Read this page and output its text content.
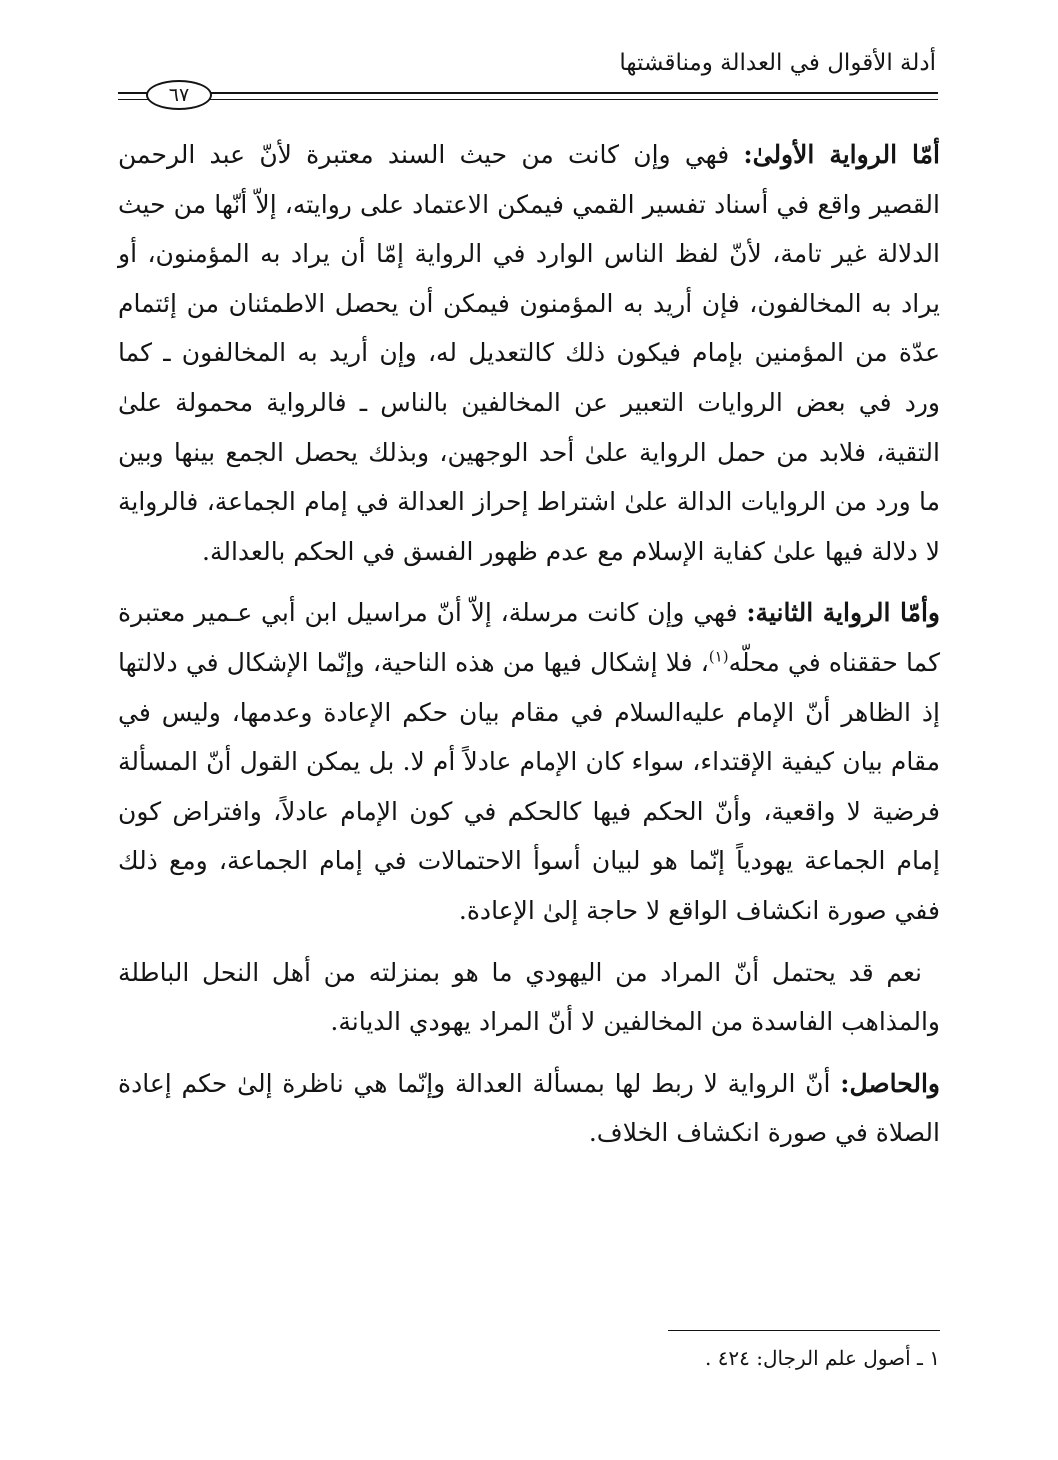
أدلة الأقوال في العدالة ومناقشتها
٦٧

أمّا الرواية الأولىٰ: فهي وإن كانت من حيث السند معتبرة لأنّ عبد الرحمن القصير واقع في أسناد تفسير القمي فيمكن الاعتماد على روايته، إلاّ أنّها من حيث الدلالة غير تامة، لأنّ لفظ الناس الوارد في الرواية إمّا أن يراد به المؤمنون، أو يراد به المخالفون، فإن أريد به المؤمنون فيمكن أن يحصل الاطمئنان من إئتمام عدّة من المؤمنين بإمام فيكون ذلك كالتعديل له، وإن أريد به المخالفون ـ كما ورد في بعض الروايات التعبير عن المخالفين بالناس ـ فالرواية محمولة علىٰ التقية، فلابد من حمل الرواية علىٰ أحد الوجهين، وبذلك يحصل الجمع بينها وبين ما ورد من الروايات الدالة علىٰ اشتراط إحراز العدالة في إمام الجماعة، فالرواية لا دلالة فيها علىٰ كفاية الإسلام مع عدم ظهور الفسق في الحكم بالعدالة.

وأمّا الرواية الثانية: فهي وإن كانت مرسلة، إلاّ أنّ مراسيل ابن أبي عـمير معتبرة كما حققناه في محلّه$^{(١)}$، فلا إشكال فيها من هذه الناحية، وإنّما الإشكال في دلالتها إذ الظاهر أنّ الإمام عليه‌السلام في مقام بيان حكم الإعادة وعدمها، وليس في مقام بيان كيفية الإقتداء، سواء كان الإمام عادلاً أم لا. بل يمكن القول أنّ المسألة فرضية لا واقعية، وأنّ الحكم فيها كالحكم في كون الإمام عادلاً، وافتراض كون إمام الجماعة يهودياً إنّما هو لبيان أسوأ الاحتمالات في إمام الجماعة، ومع ذلك ففي صورة انكشاف الواقع لا حاجة إلىٰ الإعادة.

نعم قد يحتمل أنّ المراد من اليهودي ما هو بمنزلته من أهل النحل الباطلة والمذاهب الفاسدة من المخالفين لا أنّ المراد يهودي الديانة.

والحاصل: أنّ الرواية لا ربط لها بمسألة العدالة وإنّما هي ناظرة إلىٰ حكم إعادة الصلاة في صورة انكشاف الخلاف.

١ ـ أصول علم الرجال: ٤٢٤ .
